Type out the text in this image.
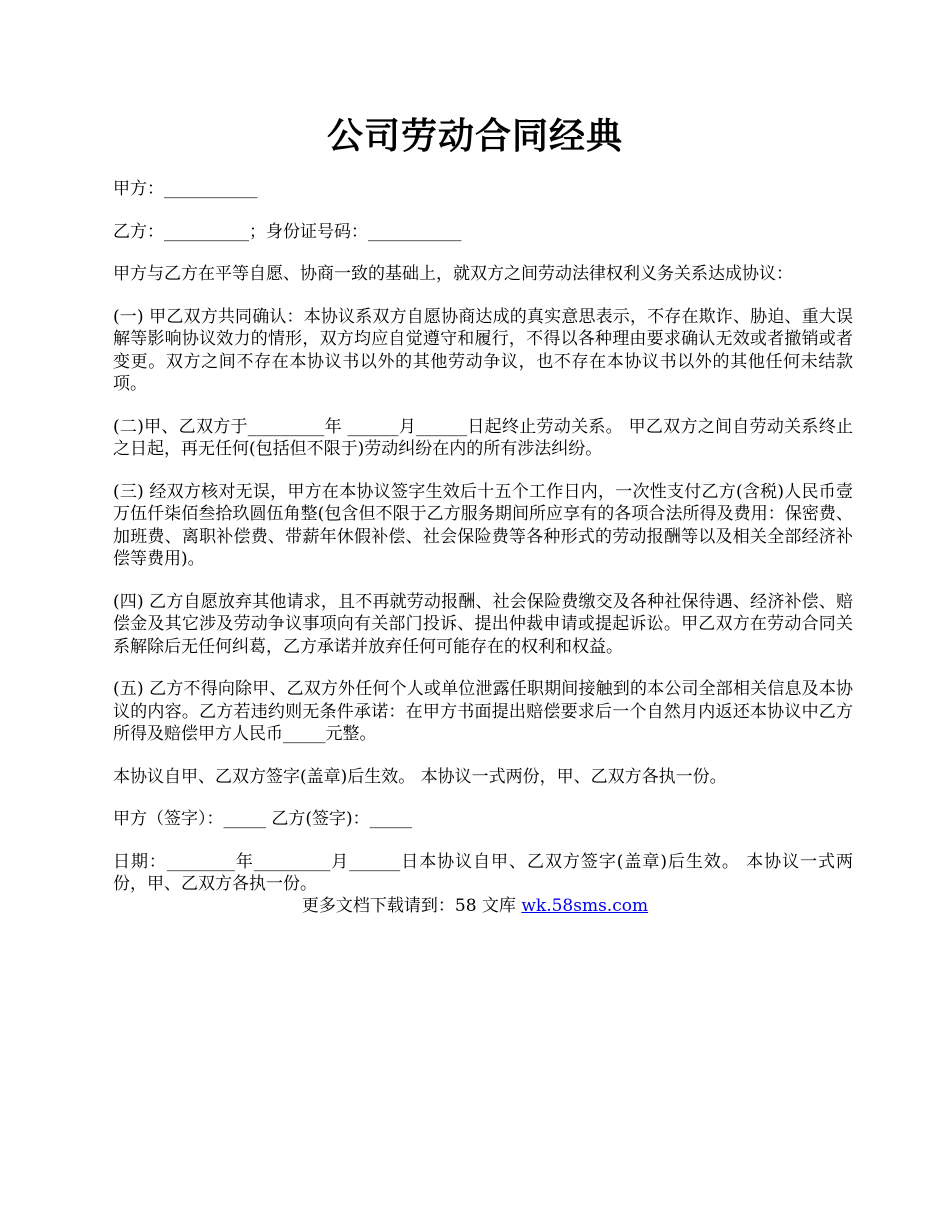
公司劳动合同经典

甲方：___________

乙方：__________；身份证号码：___________

甲方与乙方在平等自愿、协商一致的基础上，就双方之间劳动法律权利义务关系达成协议：

(一) 甲乙双方共同确认：本协议系双方自愿协商达成的真实意思表示，不存在欺诈、胁迫、重大误解等影响协议效力的情形，双方均应自觉遵守和履行，不得以各种理由要求确认无效或者撤销或者变更。双方之间不存在本协议书以外的其他劳动争议，也不存在本协议书以外的其他任何未结款项。

(二)甲、乙双方于_________年 ______月______日起终止劳动关系。 甲乙双方之间自劳动关系终止之日起，再无任何(包括但不限于)劳动纠纷在内的所有涉法纠纷。

(三) 经双方核对无误，甲方在本协议签字生效后十五个工作日内，一次性支付乙方(含税)人民币壹万伍仟柒佰叁拾玖圆伍角整(包含但不限于乙方服务期间所应享有的各项合法所得及费用：保密费、加班费、离职补偿费、带薪年休假补偿、社会保险费等各种形式的劳动报酬等以及相关全部经济补偿等费用)。

(四) 乙方自愿放弃其他请求，且不再就劳动报酬、社会保险费缴交及各种社保待遇、经济补偿、赔偿金及其它涉及劳动争议事项向有关部门投诉、提出仲裁申请或提起诉讼。甲乙双方在劳动合同关系解除后无任何纠葛，乙方承诺并放弃任何可能存在的权利和权益。

(五) 乙方不得向除甲、乙双方外任何个人或单位泄露任职期间接触到的本公司全部相关信息及本协议的内容。乙方若违约则无条件承诺：在甲方书面提出赔偿要求后一个自然月内返还本协议中乙方所得及赔偿甲方人民币_____元整。

本协议自甲、乙双方签字(盖章)后生效。 本协议一式两份，甲、乙双方各执一份。

甲方（签字）：_____ 乙方(签字)：_____

日期：________年_________月______日本协议自甲、乙双方签字(盖章)后生效。 本协议一式两份，甲、乙双方各执一份。

更多文档下载请到：58 文库 wk.58sms.com
